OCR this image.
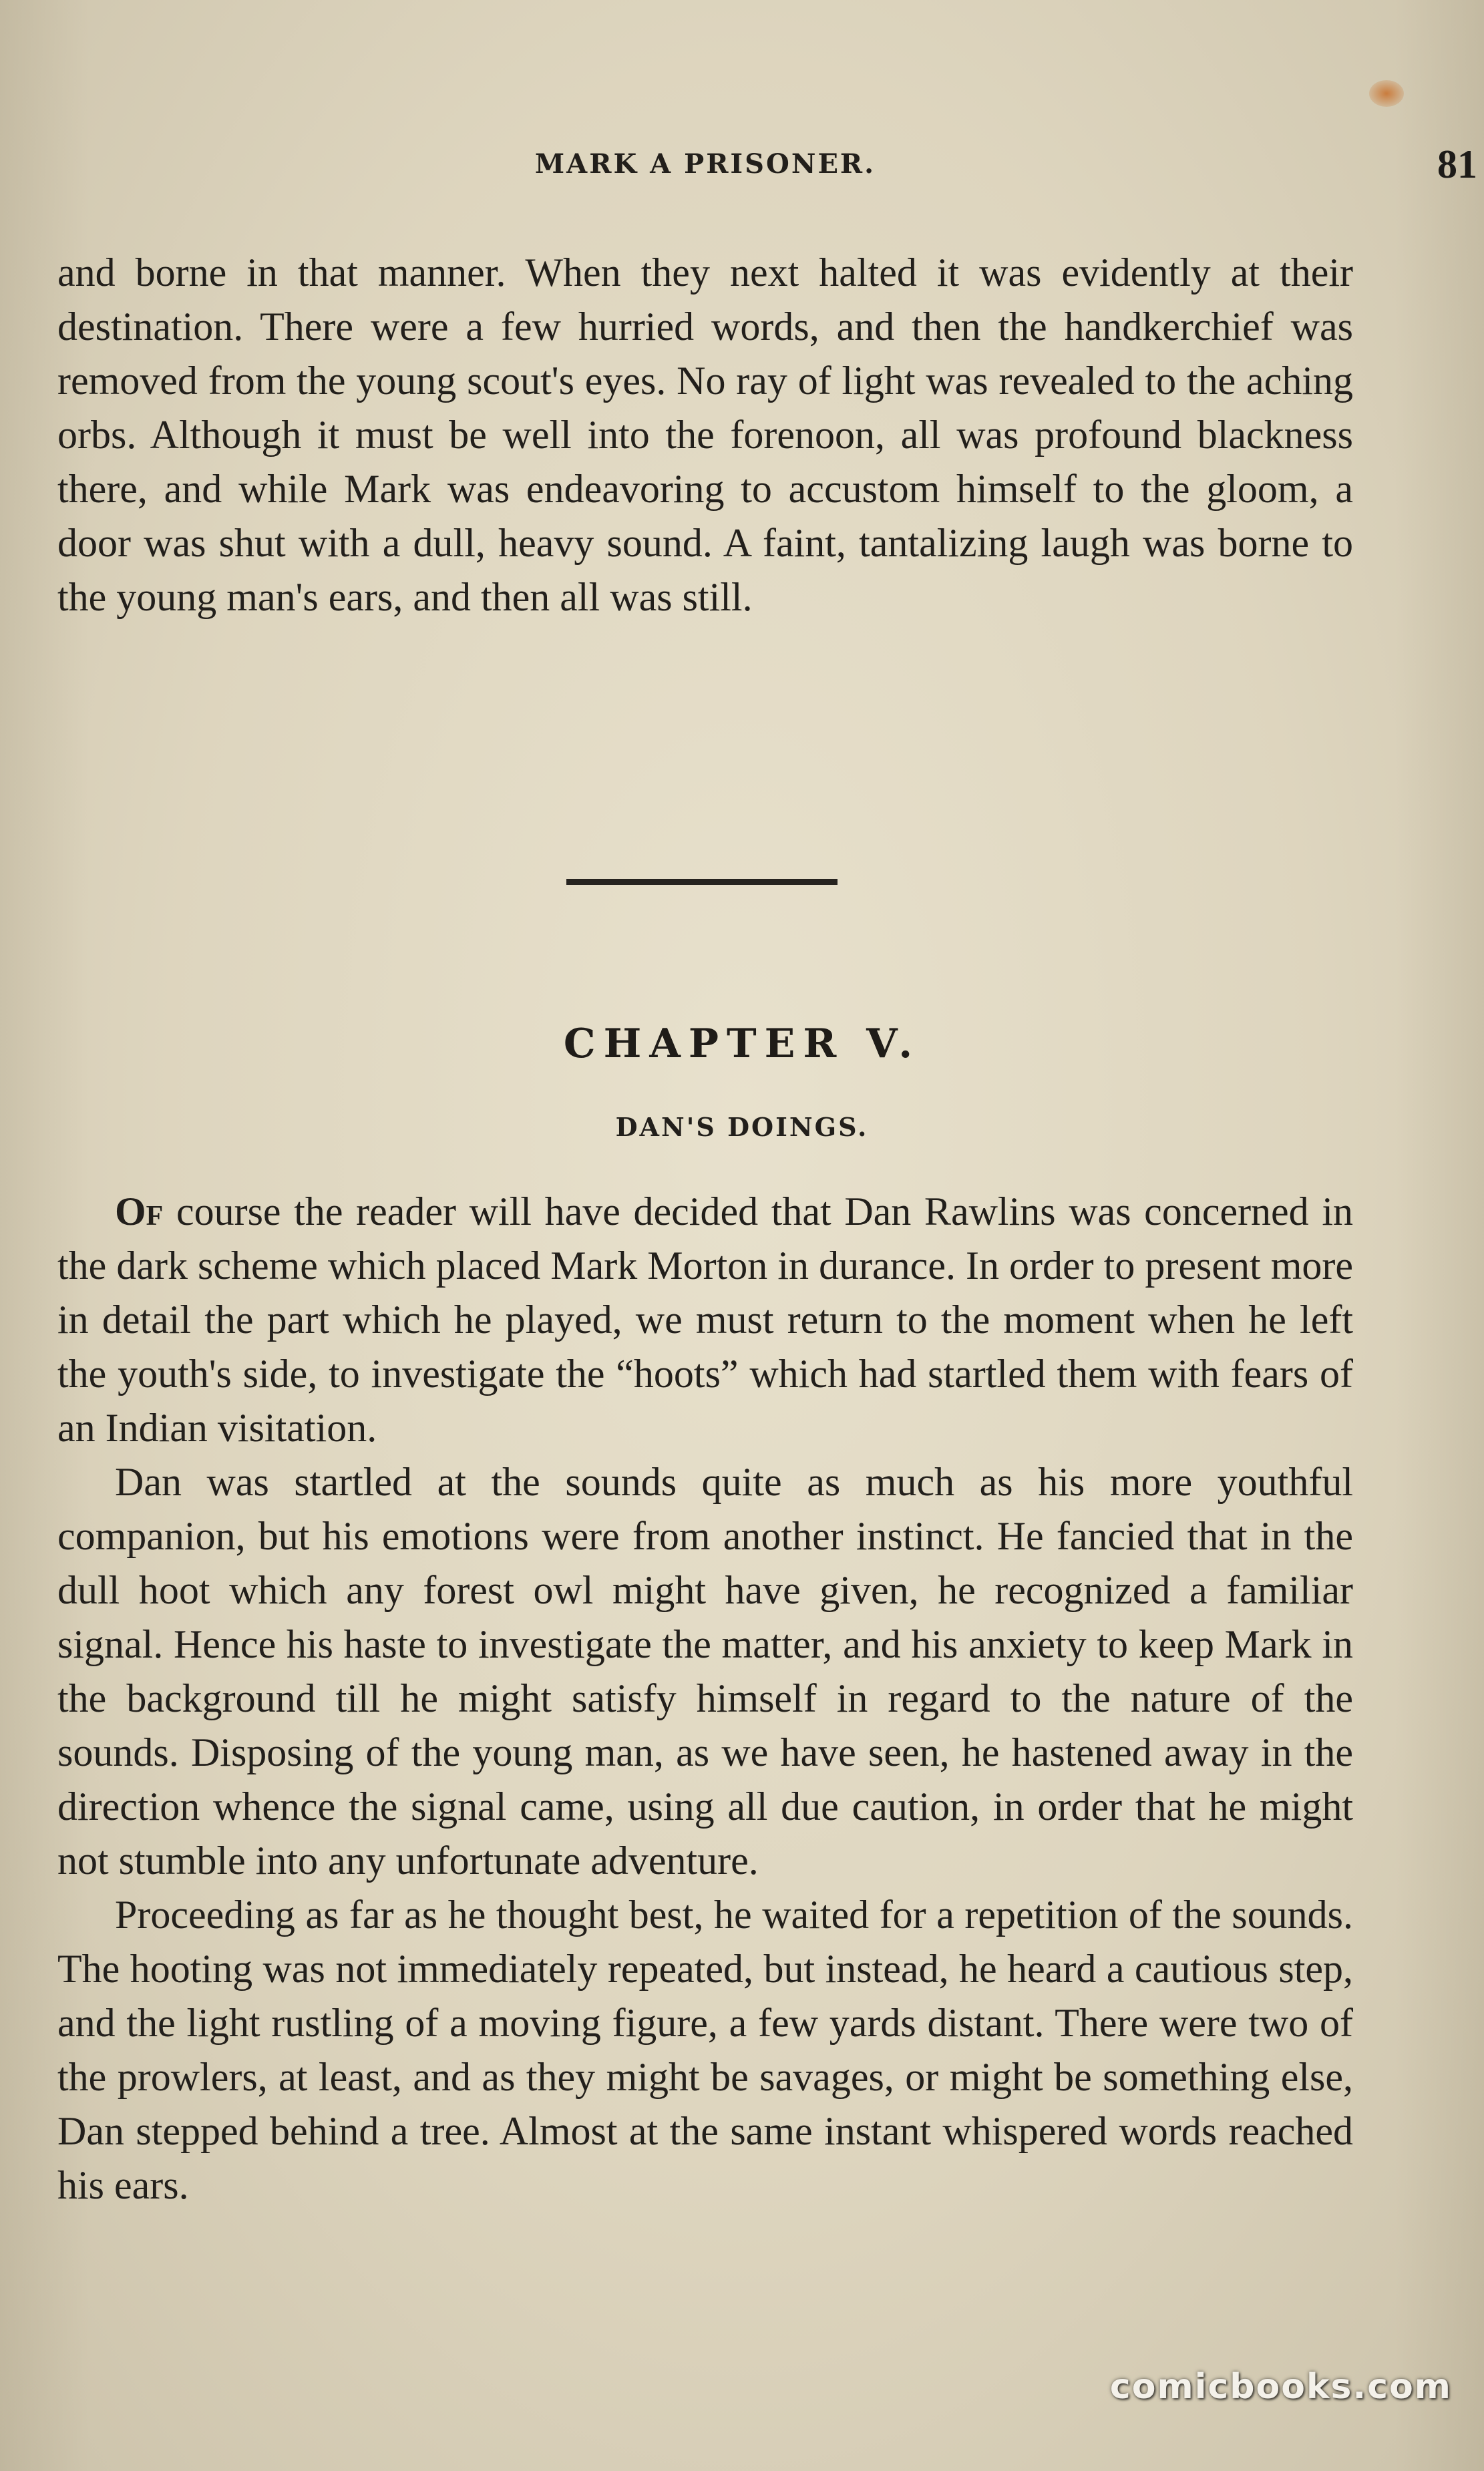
MARK A PRISONER.	81

and borne in that manner. When they next halted it was evidently at their destination. There were a few hurried words, and then the handkerchief was removed from the young scout's eyes. No ray of light was revealed to the aching orbs. Although it must be well into the forenoon, all was profound blackness there, and while Mark was endeavoring to accustom himself to the gloom, a door was shut with a dull, heavy sound. A faint, tantalizing laugh was borne to the young man's ears, and then all was still.

CHAPTER V.
DAN'S DOINGS.

Of course the reader will have decided that Dan Rawlins was concerned in the dark scheme which placed Mark Morton in durance. In order to present more in detail the part which he played, we must return to the moment when he left the youth's side, to investigate the “hoots” which had startled them with fears of an Indian visitation.

Dan was startled at the sounds quite as much as his more youthful companion, but his emotions were from another instinct. He fancied that in the dull hoot which any forest owl might have given, he recognized a familiar signal. Hence his haste to investigate the matter, and his anxiety to keep Mark in the background till he might satisfy himself in regard to the nature of the sounds. Disposing of the young man, as we have seen, he hastened away in the direction whence the signal came, using all due caution, in order that he might not stumble into any unfortunate adventure.

Proceeding as far as he thought best, he waited for a repetition of the sounds. The hooting was not immediately repeated, but instead, he heard a cautious step, and the light rustling of a moving figure, a few yards distant. There were two of the prowlers, at least, and as they might be savages, or might be something else, Dan stepped behind a tree. Almost at the same instant whispered words reached his ears.

comicbooks.com
